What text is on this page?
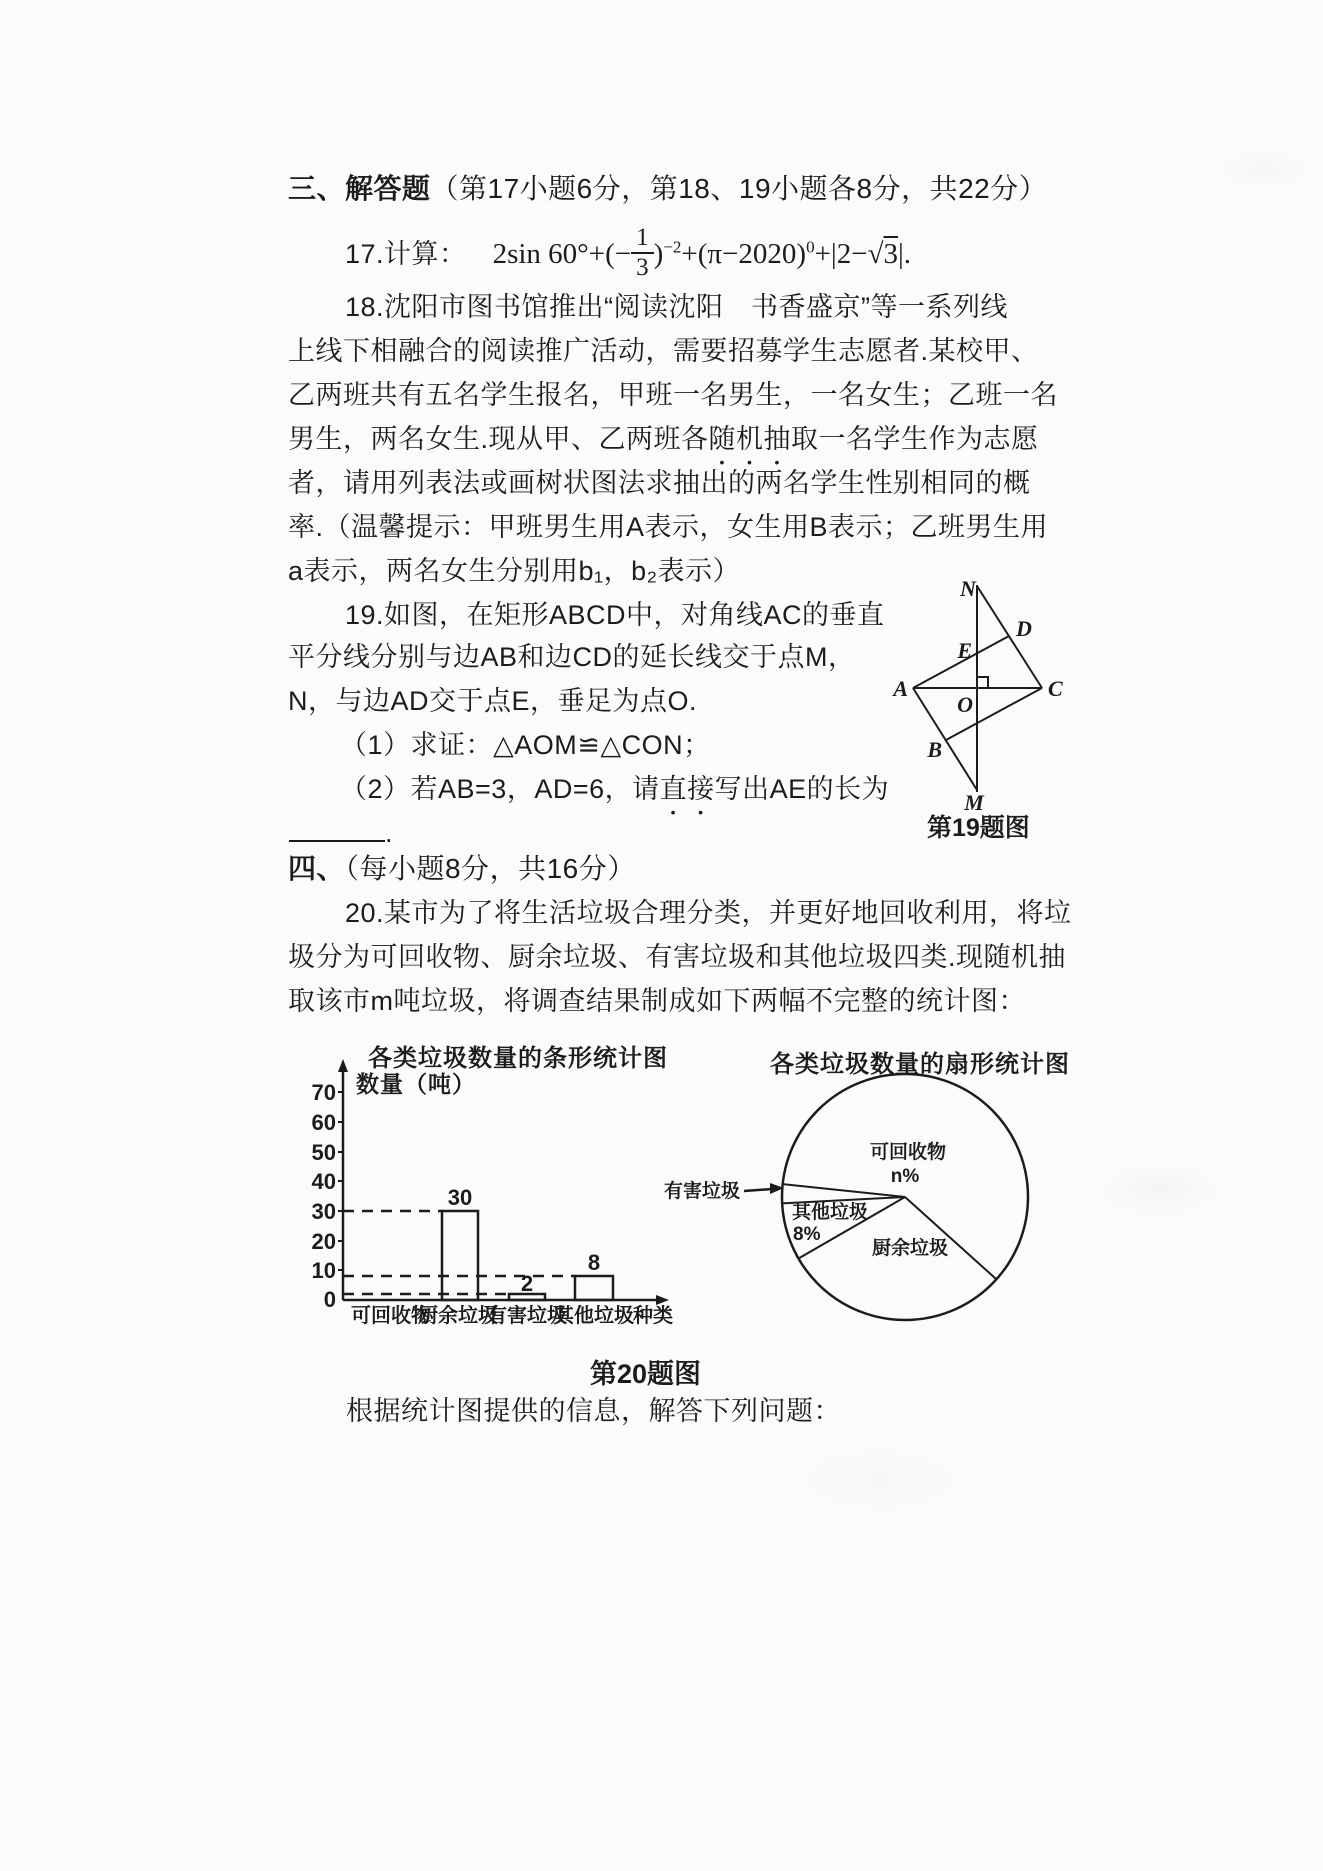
三、解答题（第17小题6分，第18、19小题各8分，共22分）
17.计算： 2sin $60^\circ+(- \frac{1}{3} )^{-2}+(\pi-2020)^0+|2-√3|$.
18.沈阳市图书馆推出“阅读沈阳　书香盛京”等一系列线
上线下相融合的阅读推广活动，需要招募学生志愿者.某校甲、
乙两班共有五名学生报名，甲班一名男生，一名女生；乙班一名
男生，两名女生.现从甲、乙两班各随机抽取一名学生作为志愿
者，请用列表法或画树状图法求抽出的两名学生性别相同的概
率.（温馨提示：甲班男生用A表示，女生用B表示；乙班男生用
a表示，两名女生分别用b₁，b₂表示）
19.如图，在矩形ABCD中，对角线AC的垂直
平分线分别与边AB和边CD的延长线交于点M，
N，与边AD交于点E，垂足为点O.
（1）求证：△AOM≌△CON；
（2）若AB=3，AD=6，请直接写出AE的长为
.
N
D
E
A	C
O
B
M
第19题图
四、（每小题8分，共16分）
20.某市为了将生活垃圾合理分类，并更好地回收利用，将垃
圾分为可回收物、厨余垃圾、有害垃圾和其他垃圾四类.现随机抽
取该市m吨垃圾，将调查结果制成如下两幅不完整的统计图：
各类垃圾数量的条形统计图
数量（吨）
70
60
50
40
30
20
10
0
30
2
8
可回收物
厨余垃圾
有害垃圾
其他垃圾 种类
各类垃圾数量的扇形统计图
可回收物
n%
其他垃圾
8%
厨余垃圾
有害垃圾
第20题图
根据统计图提供的信息，解答下列问题：
